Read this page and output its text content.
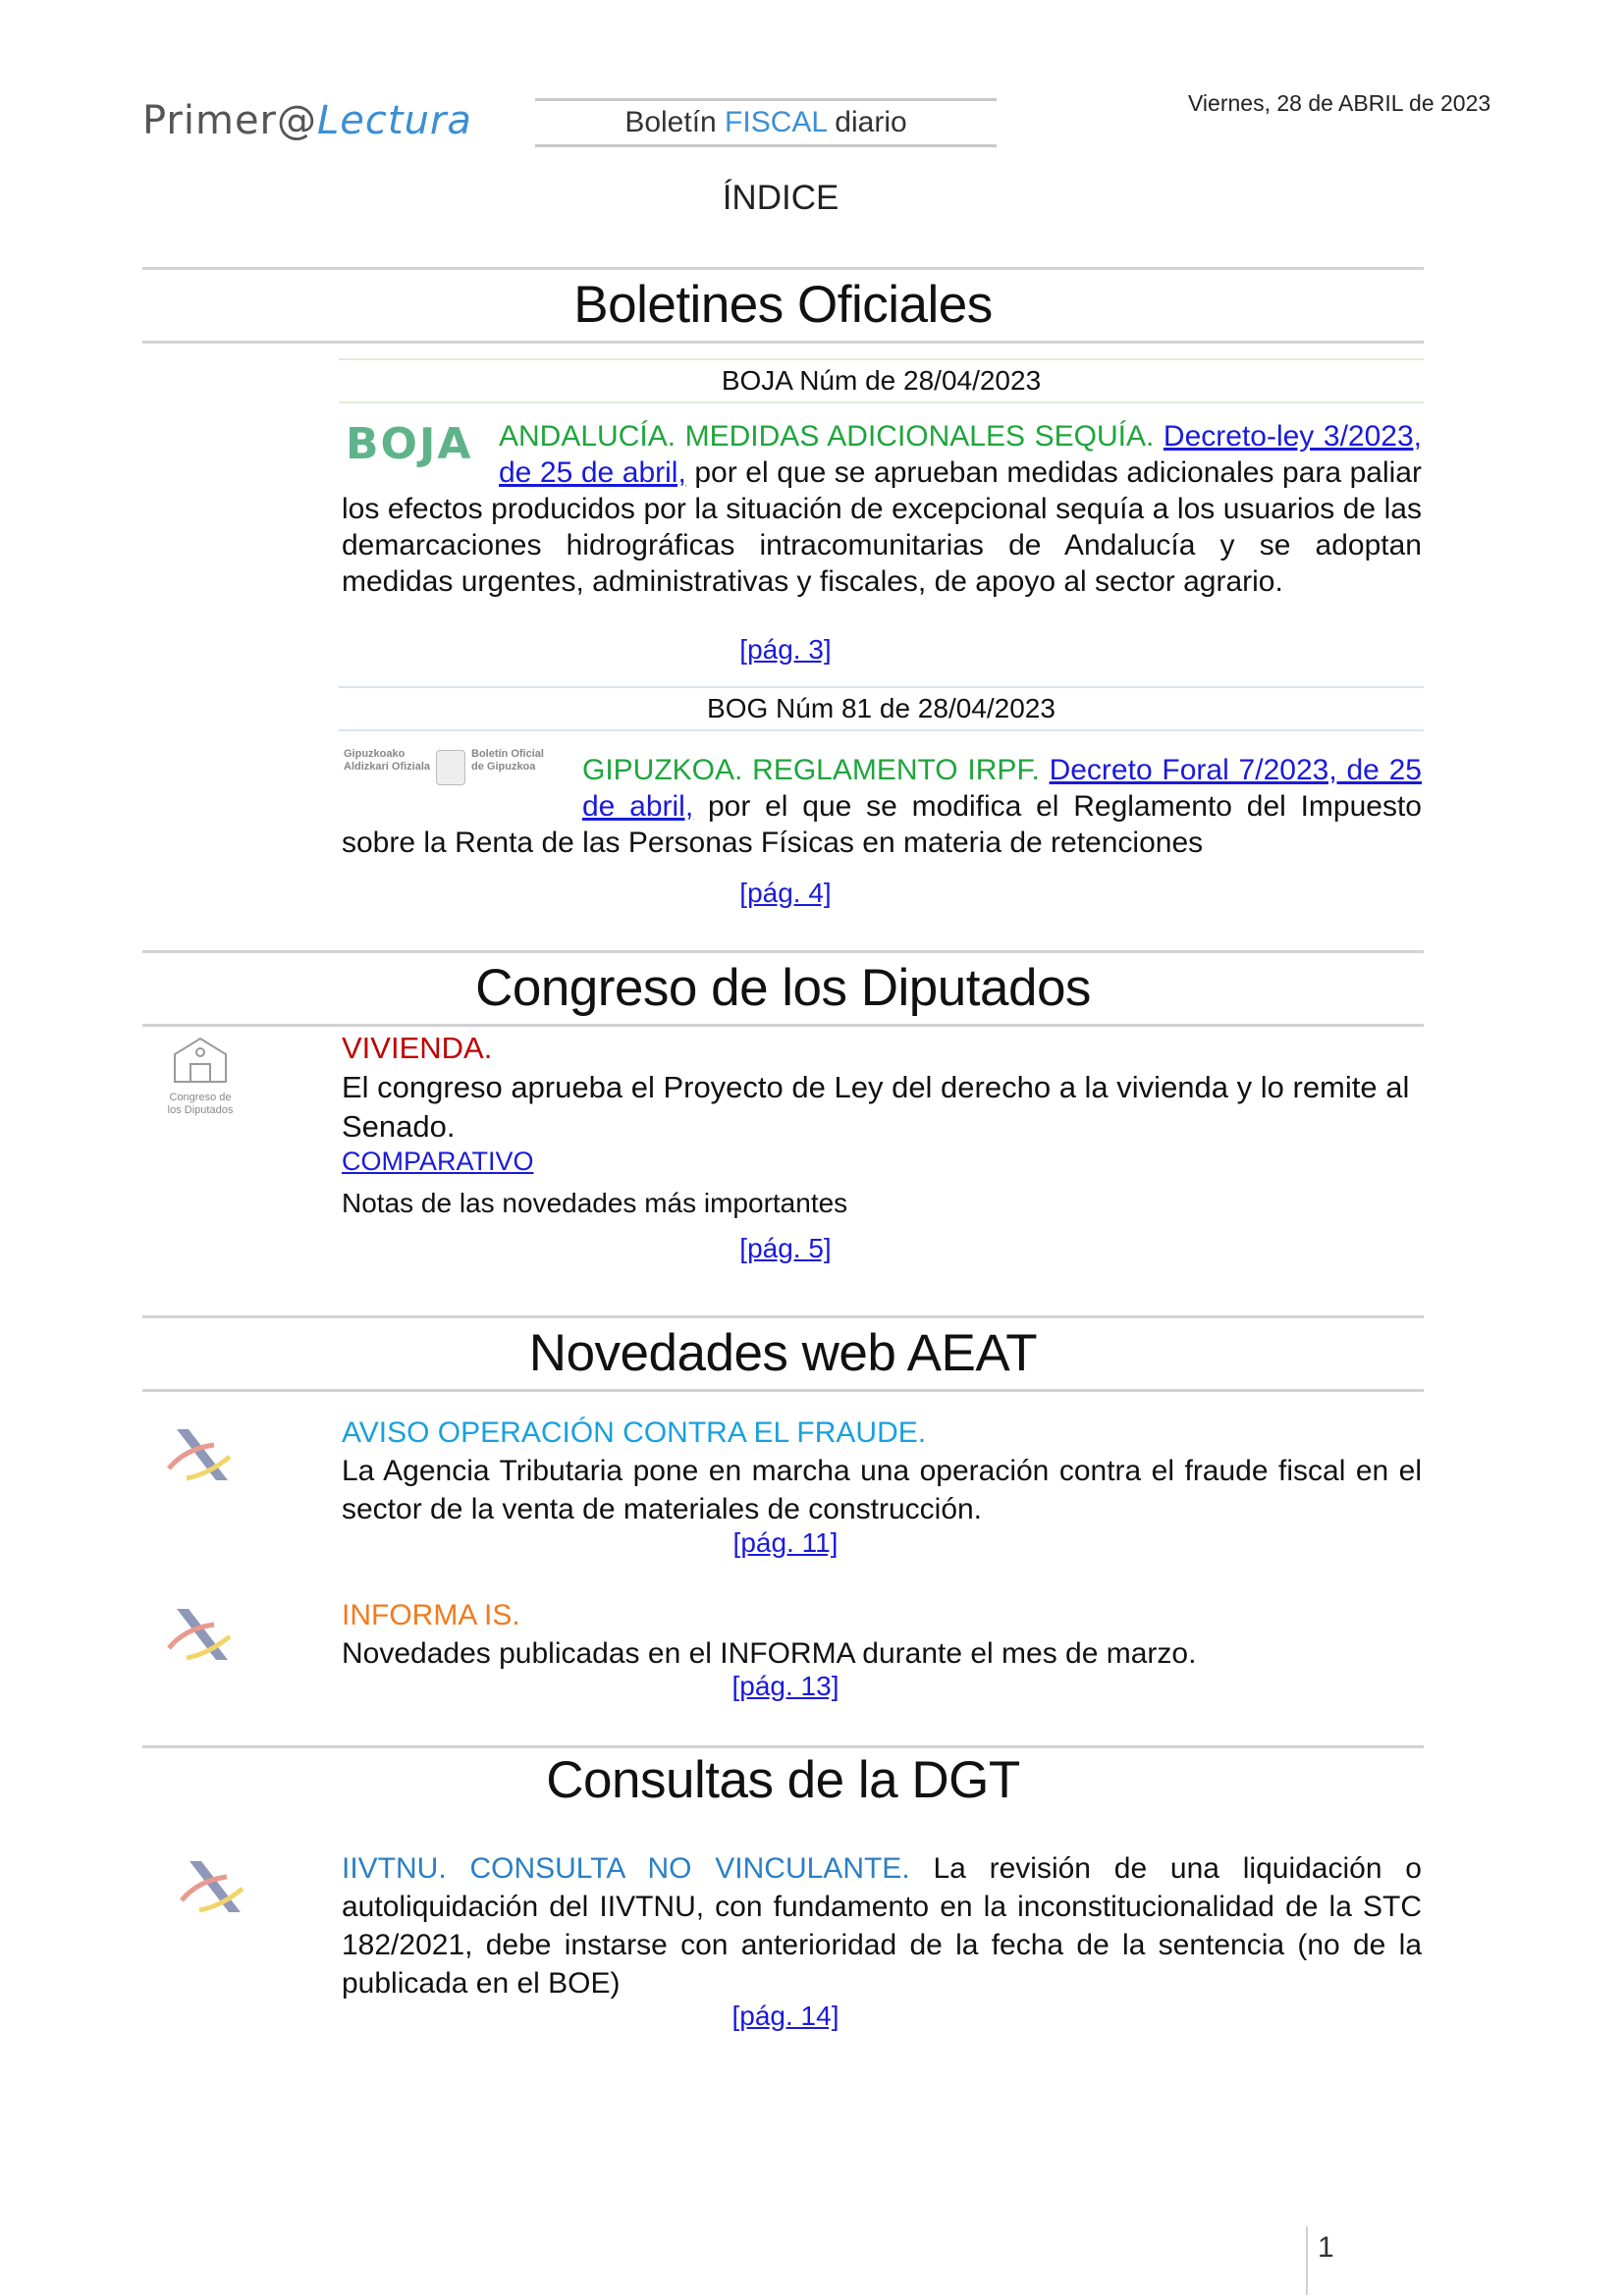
Primer@Lectura	Boletín FISCAL diario
Viernes, 28 de ABRIL de 2023
ÍNDICE
Boletines Oficiales
BOJA Núm de 28/04/2023
BOJA ANDALUCÍA. MEDIDAS ADICIONALES SEQUÍA. Decreto-ley 3/2023, de 25 de abril, por el que se aprueban medidas adicionales para paliar los efectos producidos por la situación de excepcional sequía a los usuarios de las demarcaciones hidrográficas intracomunitarias de Andalucía y se adoptan medidas urgentes, administrativas y fiscales, de apoyo al sector agrario.
[pág. 3]
BOG Núm 81 de 28/04/2023
Gipuzkoako Aldizkari Ofiziala
Boletín Oficial de Gipuzkoa	GIPUZKOA. REGLAMENTO IRPF. Decreto Foral 7/2023, de 25 de abril, por el que se modifica el Reglamento del Impuesto sobre la Renta de las Personas Físicas en materia de retenciones
[pág. 4]
Congreso de los Diputados
Congreso de los Diputados
VIVIENDA.
El congreso aprueba el Proyecto de Ley del derecho a la vivienda y lo remite al Senado.
COMPARATIVO
Notas de las novedades más importantes
[pág. 5]
Novedades web AEAT
AVISO OPERACIÓN CONTRA EL FRAUDE.
La Agencia Tributaria pone en marcha una operación contra el fraude fiscal en el sector de la venta de materiales de construcción.
[pág. 11]
INFORMA IS.
Novedades publicadas en el INFORMA durante el mes de marzo.
[pág. 13]
Consultas de la DGT
IIVTNU. CONSULTA NO VINCULANTE. La revisión de una liquidación o autoliquidación del IIVTNU, con fundamento en la inconstitucionalidad de la STC 182/2021, debe instarse con anterioridad de la fecha de la sentencia (no de la publicada en el BOE)
[pág. 14]
1
